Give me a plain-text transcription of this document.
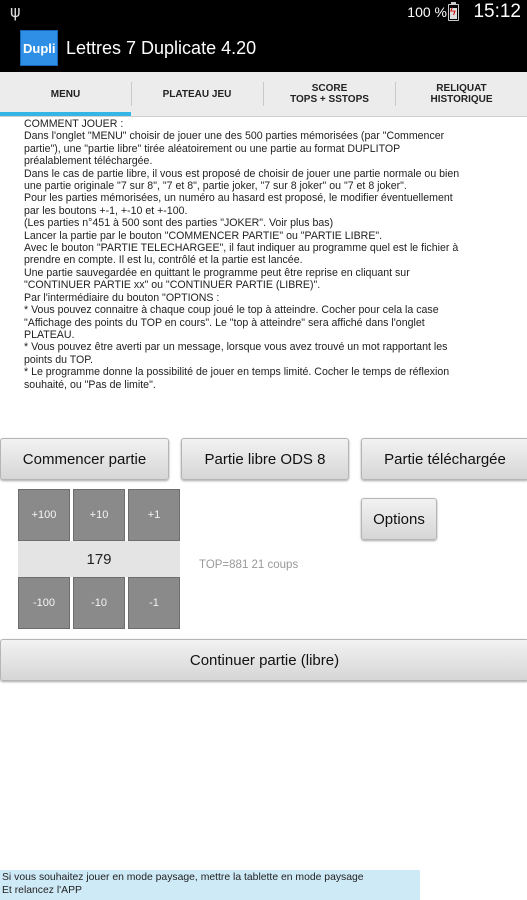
ψ	100 % ϟ 15:12
Dupli Lettres 7 Duplicate 4.20
MENU	PLATEAU JEU	SCORE
TOPS + SSTOPS
RELIQUAT
HISTORIQUE
COMMENT JOUER :
Dans l'onglet "MENU" choisir de jouer une des 500 parties mémorisées (par "Commencer
partie"), une "partie libre" tirée aléatoirement ou une partie au format DUPLITOP
préalablement téléchargée.
Dans le cas de partie libre, il vous est proposé de choisir de jouer une partie normale ou bien
une partie originale "7 sur 8", "7 et 8", partie joker, "7 sur 8 joker" ou "7 et 8 joker".
Pour les parties mémorisées, un numéro au hasard est proposé, le modifier éventuellement
par les boutons +-1, +-10 et +-100.
(Les parties n°451 à 500 sont des parties "JOKER". Voir plus bas)
Lancer la partie par le bouton "COMMENCER PARTIE" ou "PARTIE LIBRE".
Avec le bouton "PARTIE TELECHARGEE", il faut indiquer au programme quel est le fichier à
prendre en compte. Il est lu, contrôlé et la partie est lancée.
Une partie sauvegardée en quittant le programme peut être reprise en cliquant sur
"CONTINUER PARTIE xx" ou "CONTINUER PARTIE (LIBRE)".
Par l'intermédiaire du bouton "OPTIONS :
* Vous pouvez connaitre à chaque coup joué le top à atteindre. Cocher pour cela la case
"Affichage des points du TOP en cours". Le "top à atteindre" sera affiché dans l'onglet
PLATEAU.
* Vous pouvez être averti par un message, lorsque vous avez trouvé un mot rapportant les
points du TOP.
* Le programme donne la possibilité de jouer en temps limité. Cocher le temps de réflexion
souhaité, ou "Pas de limite".
Commencer partie	Partie libre ODS 8	Partie téléchargée
+100	+10	+1
179
-100	-10	-1
TOP=881 21 coups
Options
Continuer partie (libre)
Si vous souhaitez jouer en mode paysage, mettre la tablette en mode paysage
Et relancez l'APP
